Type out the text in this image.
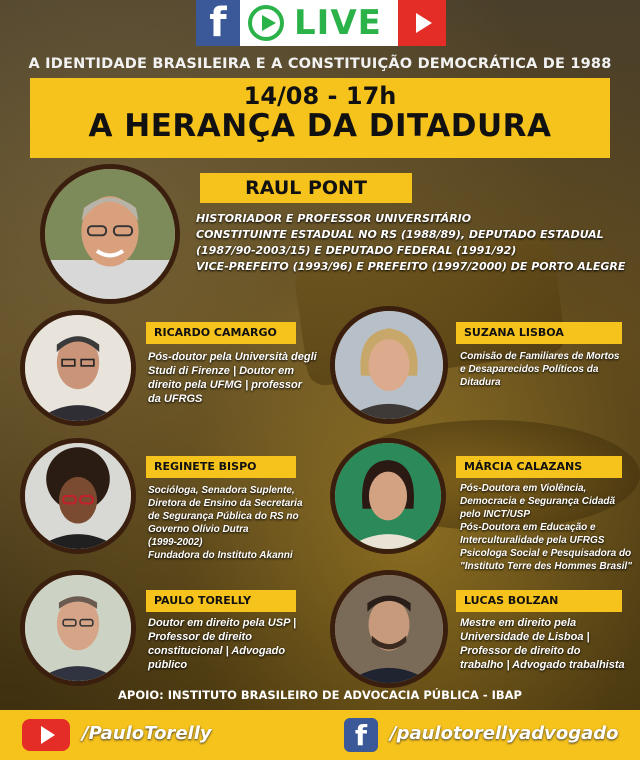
f	LIVE
A IDENTIDADE BRASILEIRA E A CONSTITUIÇÃO DEMOCRÁTICA DE 1988
14/08 - 17h
A HERANÇA DA DITADURA
RAUL PONT
HISTORIADOR E PROFESSOR UNIVERSITÁRIO
CONSTITUINTE ESTADUAL NO RS (1988/89), DEPUTADO ESTADUAL
(1987/90-2003/15) E DEPUTADO FEDERAL (1991/92)
VICE-PREFEITO (1993/96) E PREFEITO (1997/2000) DE PORTO ALEGRE
RICARDO CAMARGO
Pós-doutor pela Università degli
Studi di Firenze | Doutor em
direito pela UFMG | professor
da UFRGS
SUZANA LISBOA
Comisão de Familiares de Mortos
e Desaparecidos Políticos da
Ditadura
REGINETE BISPO
Socióloga, Senadora Suplente,
Diretora de Ensino da Secretaria
de Segurança Pública do RS no
Governo Olívio Dutra
(1999-2002)
Fundadora do Instituto Akanni
MÁRCIA CALAZANS
Pós-Doutora em Violência,
Democracia e Segurança Cidadã
pelo INCT/USP
Pós-Doutora em Educação e
Interculturalidade pela UFRGS
Psicologa Social e Pesquisadora do
"Instituto Terre des Hommes Brasil"
PAULO TORELLY
Doutor em direito pela USP |
Professor de direito
constitucional | Advogado
público
LUCAS BOLZAN
Mestre em direito pela
Universidade de Lisboa |
Professor de direito do
trabalho | Advogado trabalhista
APOIO: INSTITUTO BRASILEIRO DE ADVOCACIA PÚBLICA - IBAP
/PauloTorelly	f	/paulotorellyadvogado
